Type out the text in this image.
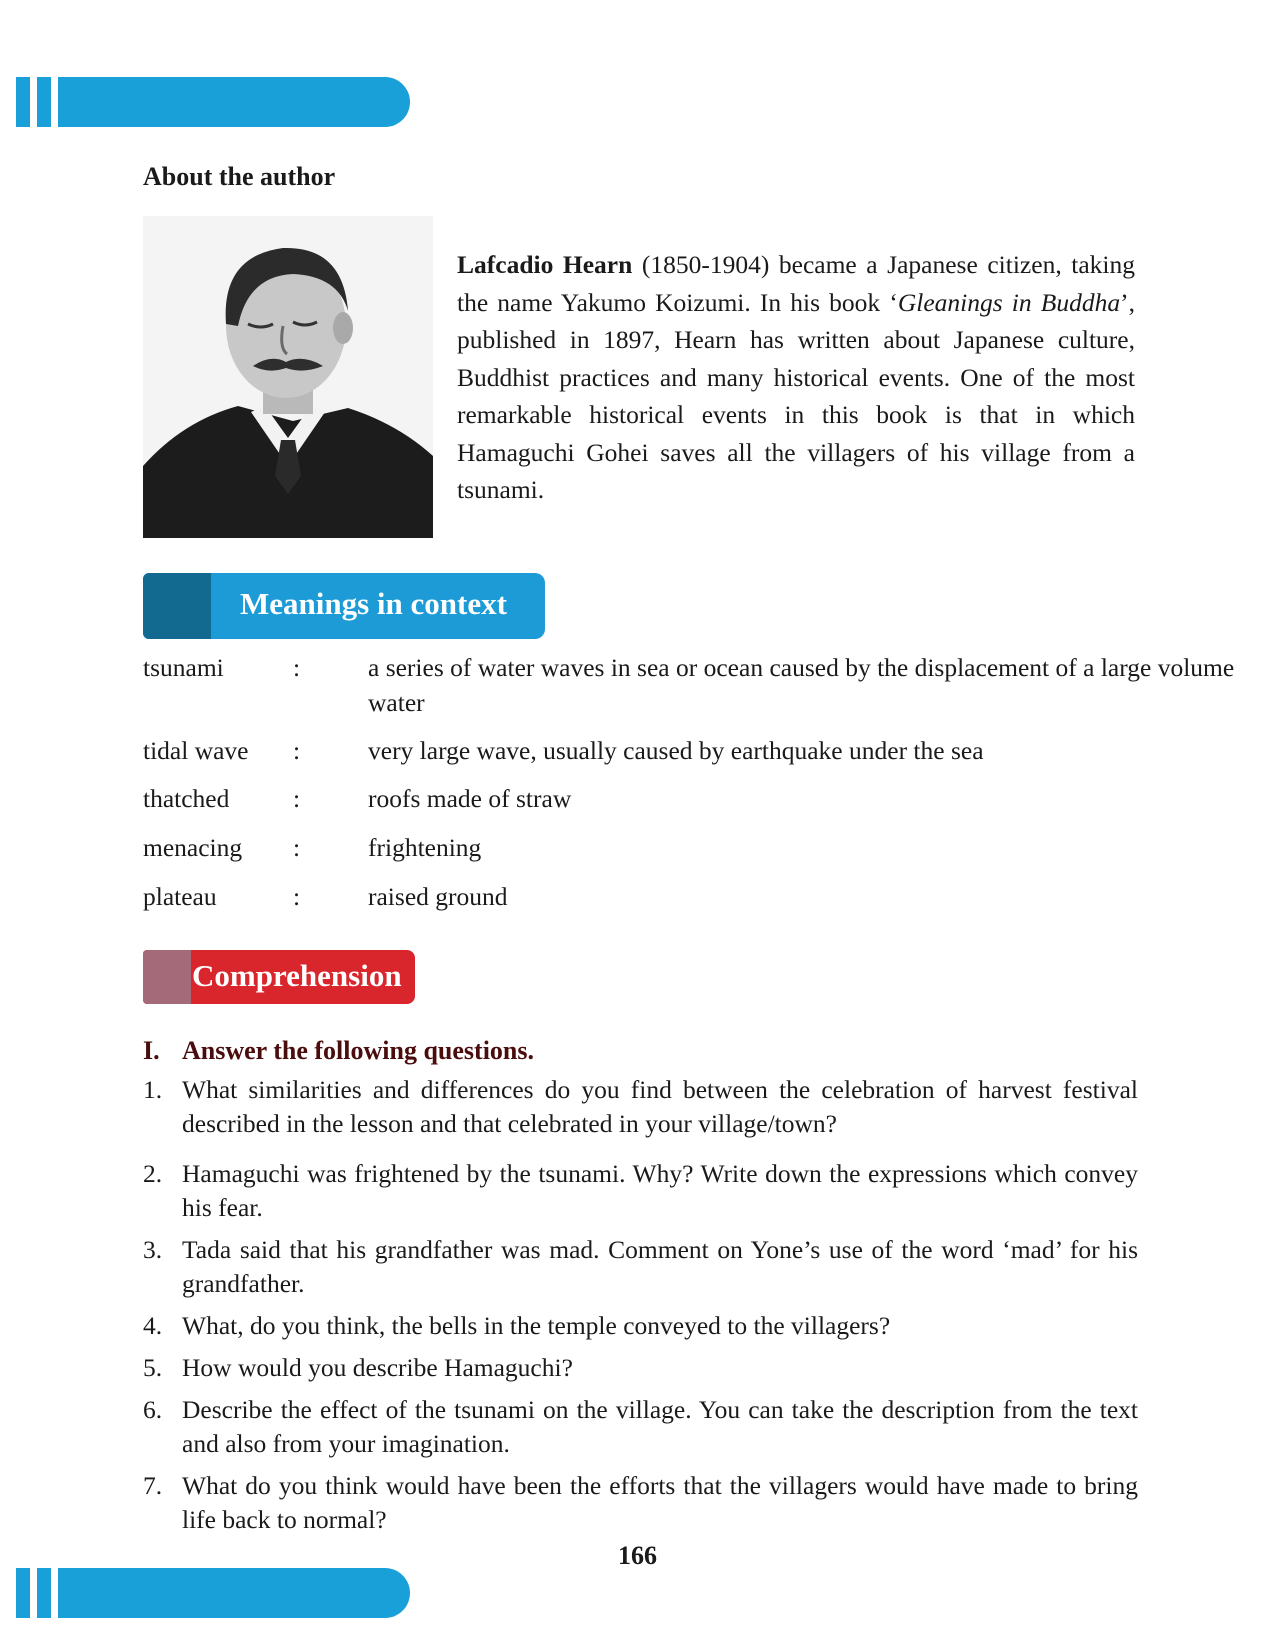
About the author
Lafcadio Hearn (1850-1904) became a Japanese citizen, taking the name Yakumo Koizumi. In his book ‘Gleanings in Buddha’, published in 1897, Hearn has written about Japanese culture, Buddhist practices and many historical events. One of the most remarkable historical events in this book is that in which Hamaguchi Gohei saves all the villagers of his village from a tsunami.
Meanings in context
tsunami	:	a series of water waves in sea or ocean caused by the displacement of a large volume water
tidal wave :	very large wave, usually caused by earthquake under the sea
thatched :	roofs made of straw
menacing :	frightening
plateau	:	raised ground
Comprehension
I. Answer the following questions.
1. What similarities and differences do you find between the celebration of harvest festival described in the lesson and that celebrated in your village/town?
2. Hamaguchi was frightened by the tsunami. Why? Write down the expressions which convey his fear.
3. Tada said that his grandfather was mad. Comment on Yone’s use of the word ‘mad’ for his grandfather.
4. What, do you think, the bells in the temple conveyed to the villagers?
5. How would you describe Hamaguchi?
6. Describe the effect of the tsunami on the village. You can take the description from the text and also from your imagination.
7. What do you think would have been the efforts that the villagers would have made to bring life back to normal?
166
